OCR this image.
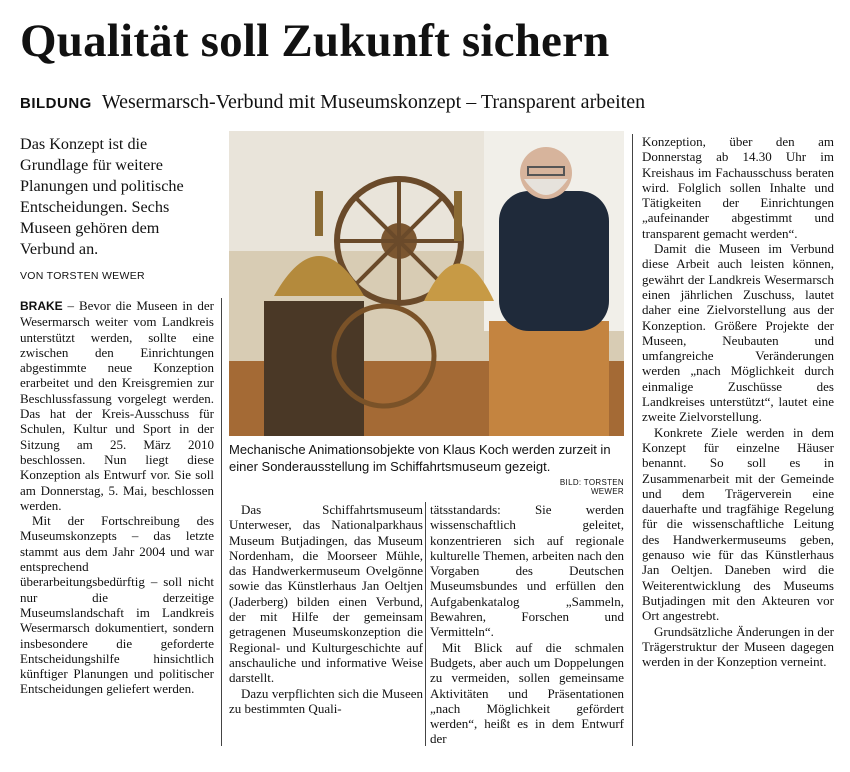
Qualität soll Zukunft sichern
BILDUNG Wesermarsch-Verbund mit Museumskonzept – Transparent arbeiten
Das Konzept ist die Grundlage für weitere Planungen und politische Entscheidungen. Sechs Museen gehören dem Verbund an.
VON TORSTEN WEWER

BRAKE – Bevor die Museen in der Wesermarsch weiter vom Landkreis unterstützt werden, sollte eine zwischen den Einrichtungen abgestimmte neue Konzeption erarbeitet und den Kreisgremien zur Beschlussfassung vorgelegt werden. Das hat der Kreis-Ausschuss für Schulen, Kultur und Sport in der Sitzung am 25. März 2010 beschlossen. Nun liegt diese Konzeption als Entwurf vor. Sie soll am Donnerstag, 5. Mai, beschlossen werden.

Mit der Fortschreibung des Museumskonzepts – das letzte stammt aus dem Jahr 2004 und war entsprechend überarbeitungsbedürftig – soll nicht nur die derzeitige Museumslandschaft im Landkreis Wesermarsch dokumentiert, sondern insbesondere die geforderte Entscheidungshilfe hinsichtlich künftiger Planungen und politischer Entscheidungen geliefert werden.

Mechanische Animationsobjekte von Klaus Koch werden zurzeit in einer Sonderausstellung im Schiffahrtsmuseum gezeigt.
BILD: TORSTEN WEWER

Das Schiffahrtsmuseum Unterweser, das Nationalparkhaus Museum Butjadingen, das Museum Nordenham, die Moorseer Mühle, das Handwerkermuseum Ovelgönne sowie das Künstlerhaus Jan Oeltjen (Jaderberg) bilden einen Verbund, der mit Hilfe der gemeinsam getragenen Museumskonzeption die Regional- und Kulturgeschichte auf anschauliche und informative Weise darstellt.

Dazu verpflichten sich die Museen zu bestimmten Quali-

tätsstandards: Sie werden wissenschaftlich geleitet, konzentrieren sich auf regionale kulturelle Themen, arbeiten nach den Vorgaben des Deutschen Museumsbundes und erfüllen den Aufgabenkatalog „Sammeln, Bewahren, Forschen und Vermitteln“.

Mit Blick auf die schmalen Budgets, aber auch um Doppelungen zu vermeiden, sollen gemeinsame Aktivitäten und Präsentationen „nach Möglichkeit gefördert werden“, heißt es in dem Entwurf der

Konzeption, über den am Donnerstag ab 14.30 Uhr im Kreishaus im Fachausschuss beraten wird. Folglich sollen Inhalte und Tätigkeiten der Einrichtungen „aufeinander abgestimmt und transparent gemacht werden“.

Damit die Museen im Verbund diese Arbeit auch leisten können, gewährt der Landkreis Wesermarsch einen jährlichen Zuschuss, lautet daher eine Zielvorstellung aus der Konzeption. Größere Projekte der Museen, Neubauten und umfangreiche Veränderungen werden „nach Möglichkeit durch einmalige Zuschüsse des Landkreises unterstützt“, lautet eine zweite Zielvorstellung.

Konkrete Ziele werden in dem Konzept für einzelne Häuser benannt. So soll es in Zusammenarbeit mit der Gemeinde und dem Trägerverein eine dauerhafte und tragfähige Regelung für die wissenschaftliche Leitung des Handwerkermuseums geben, genauso wie für das Künstlerhaus Jan Oeltjen. Daneben wird die Weiterentwicklung des Museums Butjadingen mit den Akteuren vor Ort angestrebt.

Grundsätzliche Änderungen in der Trägerstruktur der Museen dagegen werden in der Konzeption verneint.
